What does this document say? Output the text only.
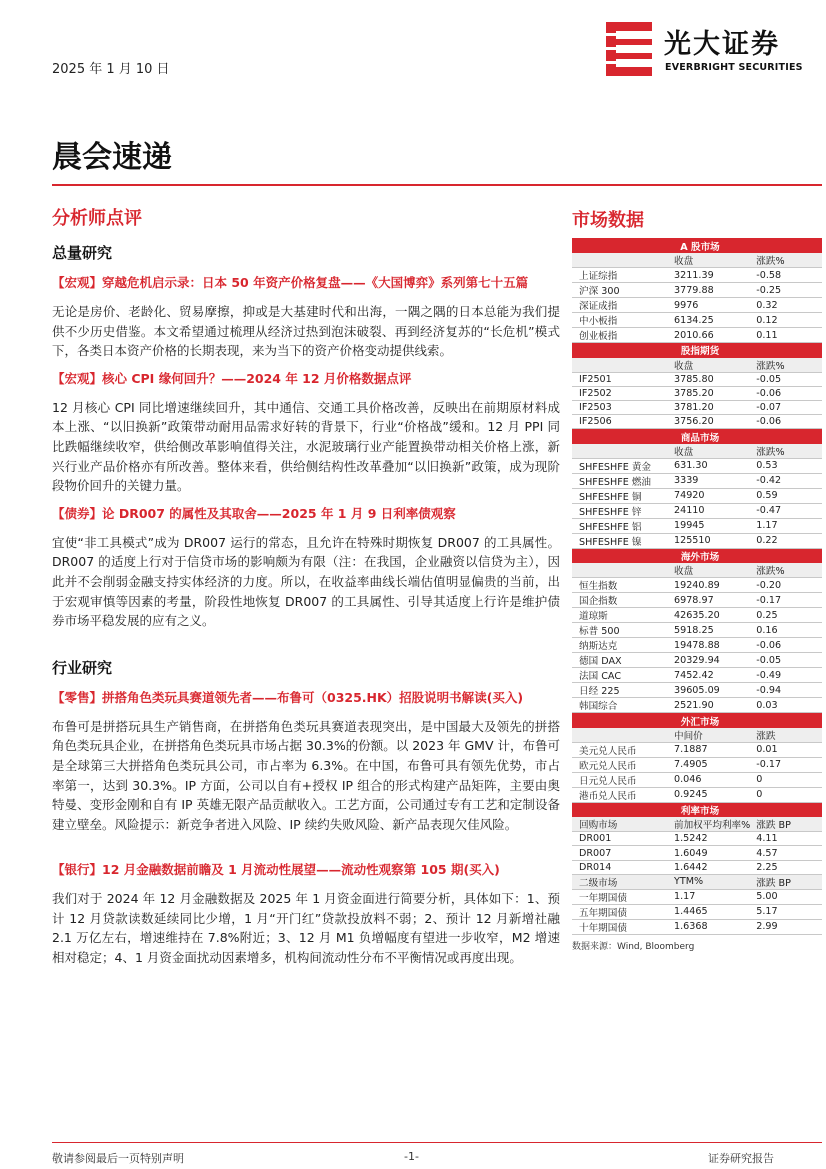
2025 年 1 月 10 日
光大证券
EVERBRIGHT SECURITIES
晨会速递
分析师点评
总量研究
【宏观】穿越危机启示录：日本 50 年资产价格复盘——《大国博弈》系列第七十五篇
无论是房价、老龄化、贸易摩擦，抑或是大基建时代和出海，一隅之隅的日本总能为我们提供不少历史借鉴。本文希望通过梳理从经济过热到泡沫破裂、再到经济复苏的“长危机”模式下，各类日本资产价格的长期表现，来为当下的资产价格变动提供线索。
【宏观】核心 CPI 缘何回升？——2024 年 12 月价格数据点评
12 月核心 CPI 同比增速继续回升，其中通信、交通工具价格改善，反映出在前期原材料成本上涨、“以旧换新”政策带动耐用品需求好转的背景下，行业“价格战”缓和。12 月 PPI 同比跌幅继续收窄，供给侧改革影响值得关注，水泥玻璃行业产能置换带动相关价格上涨，新兴行业产品价格亦有所改善。整体来看，供给侧结构性改革叠加“以旧换新”政策，成为现阶段物价回升的关键力量。
【债券】论 DR007 的属性及其取舍——2025 年 1 月 9 日利率债观察
宜使“非工具模式”成为 DR007 运行的常态，且允许在特殊时期恢复 DR007 的工具属性。DR007 的适度上行对于信贷市场的影响颇为有限（注：在我国，企业融资以信贷为主），因此并不会削弱金融支持实体经济的力度。所以，在收益率曲线长端估值明显偏贵的当前，出于宏观审慎等因素的考量，阶段性地恢复 DR007 的工具属性、引导其适度上行许是维护债券市场平稳发展的应有之义。
行业研究
【零售】拼搭角色类玩具赛道领先者——布鲁可（0325.HK）招股说明书解读(买入)
布鲁可是拼搭玩具生产销售商，在拼搭角色类玩具赛道表现突出，是中国最大及领先的拼搭角色类玩具企业，在拼搭角色类玩具市场占据 30.3%的份额。以 2023 年 GMV 计，布鲁可是全球第三大拼搭角色类玩具公司，市占率为 6.3%。在中国，布鲁可具有领先优势，市占率第一，达到 30.3%。IP 方面，公司以自有+授权 IP 组合的形式构建产品矩阵，主要由奥特曼、变形金刚和自有 IP 英雄无限产品贡献收入。工艺方面，公司通过专有工艺和定制设备建立壁垒。风险提示：新竞争者进入风险、IP 续约失败风险、新产品表现欠佳风险。
【银行】12 月金融数据前瞻及 1 月流动性展望——流动性观察第 105 期(买入)
我们对于 2024 年 12 月金融数据及 2025 年 1 月资金面进行简要分析，具体如下：1、预计 12 月贷款读数延续同比少增，1 月“开门红”贷款投放料不弱；2、预计 12 月新增社融 2.1 万亿左右，增速维持在 7.8%附近；3、12 月 M1 负增幅度有望进一步收窄，M2 增速相对稳定；4、1 月资金面扰动因素增多，机构间流动性分布不平衡情况或再度出现。
市场数据
A 股市场		
	收盘	涨跌%
上证综指	3211.39	-0.58
沪深 300	3779.88	-0.25
深证成指	9976	0.32
中小板指	6134.25	0.12
创业板指	2010.66	0.11
股指期货		
	收盘	涨跌%
IF2501	3785.80	-0.05
IF2502	3785.20	-0.06
IF2503	3781.20	-0.07
IF2506	3756.20	-0.06
商品市场		
	收盘	涨跌%
SHFESHFE 黄金	631.30	0.53
SHFESHFE 燃油	3339	-0.42
SHFESHFE 铜	74920	0.59
SHFESHFE 锌	24110	-0.47
SHFESHFE 铝	19945	1.17
SHFESHFE 镍	125510	0.22
海外市场		
	收盘	涨跌%
恒生指数	19240.89	-0.20
国企指数	6978.97	-0.17
道琼斯	42635.20	0.25
标普 500	5918.25	0.16
纳斯达克	19478.88	-0.06
德国 DAX	20329.94	-0.05
法国 CAC	7452.42	-0.49
日经 225	39605.09	-0.94
韩国综合	2521.90	0.03
外汇市场		
	中间价	涨跌
美元兑人民币	7.1887	0.01
欧元兑人民币	7.4905	-0.17
日元兑人民币	0.046	0
港币兑人民币	0.9245	0
利率市场		
回购市场	前加权平均利率%	涨跌 BP
DR001	1.5242	4.11
DR007	1.6049	4.57
DR014	1.6442	2.25
二级市场	YTM%	涨跌 BP
一年期国债	1.17	5.00
五年期国债	1.4465	5.17
十年期国债	1.6368	2.99
数据来源：Wind, Bloomberg
敬请参阅最后一页特别声明	-1-	证券研究报告
